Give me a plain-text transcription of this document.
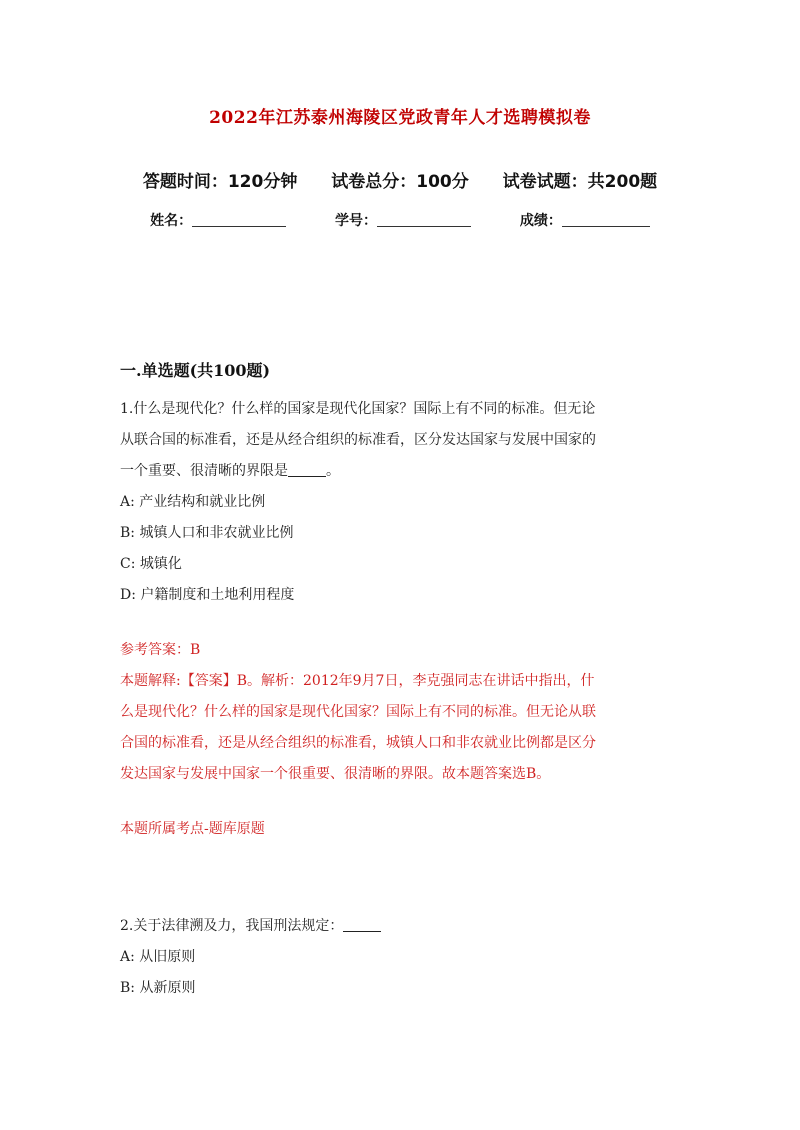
2022年江苏泰州海陵区党政青年人才选聘模拟卷
答题时间：120分钟 试卷总分：100分 试卷试题：共200题
姓名：	学号：	成绩：
一.单选题(共100题)

1.什么是现代化？什么样的国家是现代化国家？国际上有不同的标准。但无论

从联合国的标准看，还是从经合组织的标准看，区分发达国家与发展中国家的

一个重要、很清晰的界限是	。

A: 产业结构和就业比例

B: 城镇人口和非农就业比例

C: 城镇化

D: 户籍制度和土地利用程度

参考答案：B

本题解释:【答案】B。解析：2012年9月7日，李克强同志在讲话中指出，什

么是现代化？什么样的国家是现代化国家？国际上有不同的标准。但无论从联

合国的标准看，还是从经合组织的标准看，城镇人口和非农就业比例都是区分

发达国家与发展中国家一个很重要、很清晰的界限。故本题答案选B。

本题所属考点-题库原题

2.关于法律溯及力，我国刑法规定：

A: 从旧原则

B: 从新原则
